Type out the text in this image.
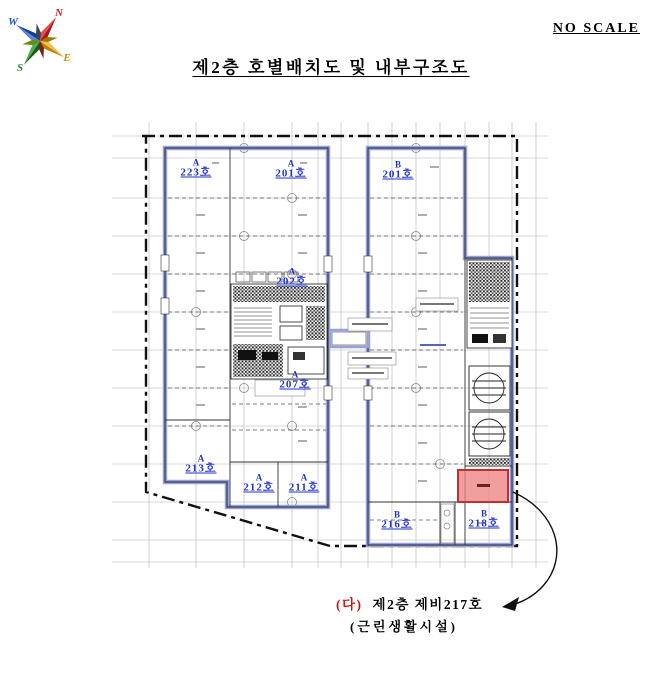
N
W
S
E
NO SCALE
제2층 호별배치도 및 내부구조도
A
223호
A
201호
B
201호
A
202호
A
207호
A
213호
A
212호
A
211호
B
216호
B
218호
(다) 제2층 제비217호
(근린생활시설)
